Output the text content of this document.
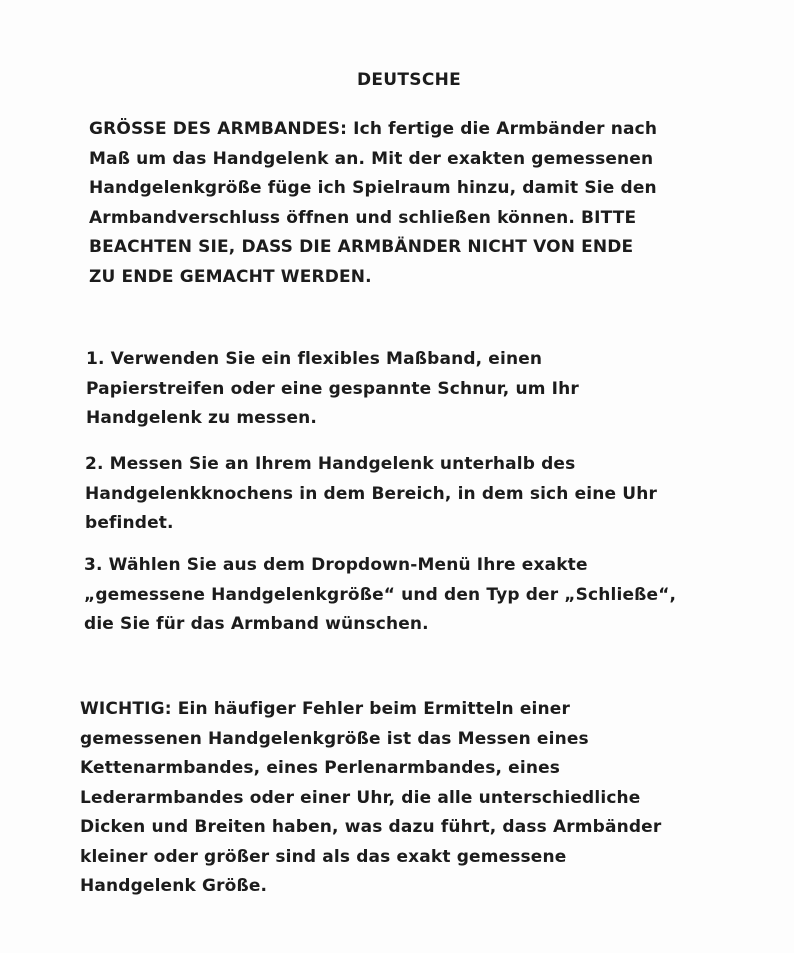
DEUTSCHE
GRÖSSE DES ARMBANDES: Ich fertige die Armbänder nach
Maß um das Handgelenk an. Mit der exakten gemessenen
Handgelenkgröße füge ich Spielraum hinzu, damit Sie den
Armbandverschluss öffnen und schließen können. BITTE
BEACHTEN SIE, DASS DIE ARMBÄNDER NICHT VON ENDE
ZU ENDE GEMACHT WERDEN.
1. Verwenden Sie ein flexibles Maßband, einen
Papierstreifen oder eine gespannte Schnur, um Ihr
Handgelenk zu messen.
2. Messen Sie an Ihrem Handgelenk unterhalb des
Handgelenkknochens in dem Bereich, in dem sich eine Uhr
befindet.
3. Wählen Sie aus dem Dropdown-Menü Ihre exakte
„gemessene Handgelenkgröße“ und den Typ der „Schließe“,
die Sie für das Armband wünschen.
WICHTIG: Ein häufiger Fehler beim Ermitteln einer
gemessenen Handgelenkgröße ist das Messen eines
Kettenarmbandes, eines Perlenarmbandes, eines
Lederarmbandes oder einer Uhr, die alle unterschiedliche
Dicken und Breiten haben, was dazu führt, dass Armbänder
kleiner oder größer sind als das exakt gemessene
Handgelenk Größe.
